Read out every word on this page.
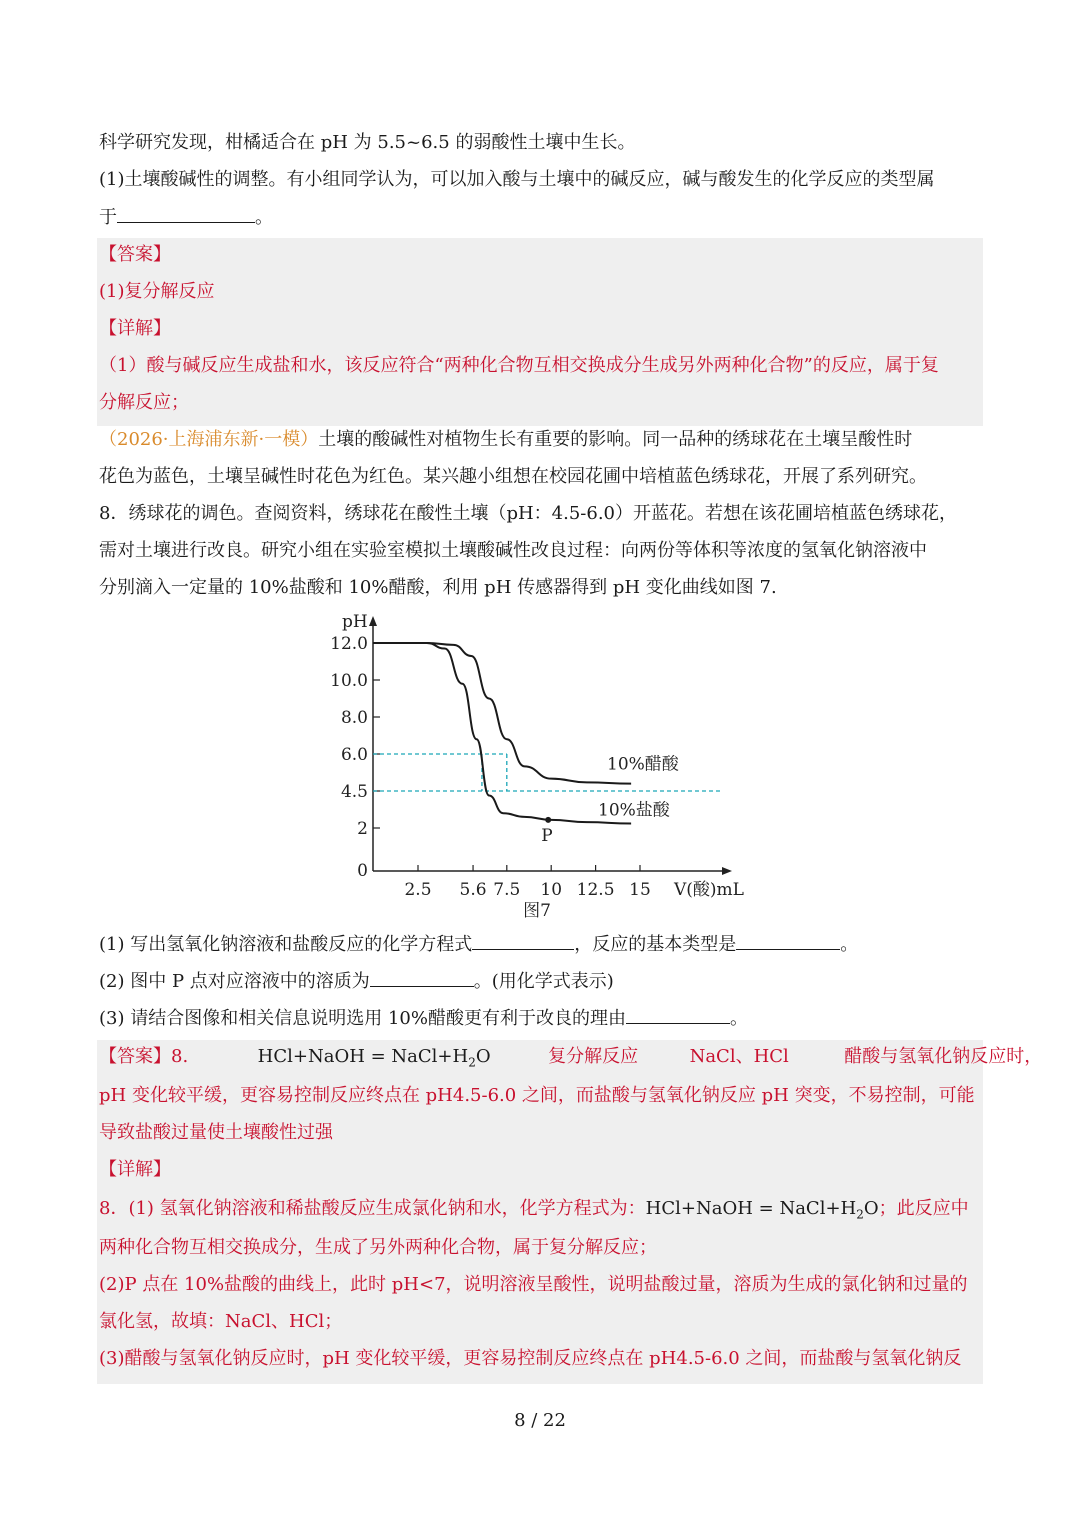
科学研究发现，柑橘适合在 pH 为 5.5~6.5 的弱酸性土壤中生长。
(1)土壤酸碱性的调整。有小组同学认为，可以加入酸与土壤中的碱反应，碱与酸发生的化学反应的类型属
于	。
【答案】
(1)复分解反应
【详解】
（1）酸与碱反应生成盐和水，该反应符合“两种化合物互相交换成分生成另外两种化合物”的反应，属于复
分解反应；
（2026·上海浦东新·一模）土壤的酸碱性对植物生长有重要的影响。同一品种的绣球花在土壤呈酸性时
花色为蓝色，土壤呈碱性时花色为红色。某兴趣小组想在校园花圃中培植蓝色绣球花，开展了系列研究。
8．绣球花的调色。查阅资料，绣球花在酸性土壤（pH：4.5-6.0）开蓝花。若想在该花圃培植蓝色绣球花，
需对土壤进行改良。研究小组在实验室模拟土壤酸碱性改良过程：向两份等体积等浓度的氢氧化钠溶液中
分别滴入一定量的 10%盐酸和 10%醋酸，利用 pH 传感器得到 pH 变化曲线如图 7.
pH
V(酸)mL
12.0
10.0
8.0
6.0
4.5
2
0
2.5 5.6 7.5 10 12.5 15
10%醋酸
10%盐酸
P
图7
(1) 写出氢氧化钠溶液和盐酸反应的化学方程式	，反应的基本类型是	。
(2) 图中 P 点对应溶液中的溶质为	。(用化学式表示)
(3) 请结合图像和相关信息说明选用 10%醋酸更有利于改良的理由	。
【答案】8.	HCl+NaOH = $NaCl+H_2O$	复分解反应	NaCl、HCl	醋酸与氢氧化钠反应时，
pH 变化较平缓，更容易控制反应终点在 pH4.5-6.0 之间，而盐酸与氢氧化钠反应 pH 突变，不易控制，可能
导致盐酸过量使土壤酸性过强
【详解】
8．(1) 氢氧化钠溶液和稀盐酸反应生成氯化钠和水，化学方程式为：HCl+NaOH = $NaCl+H_2O$；此反应中
两种化合物互相交换成分，生成了另外两种化合物，属于复分解反应；
(2)P 点在 10%盐酸的曲线上，此时 pH<7，说明溶液呈酸性，说明盐酸过量，溶质为生成的氯化钠和过量的
氯化氢，故填：NaCl、HCl；
(3)醋酸与氢氧化钠反应时，pH 变化较平缓，更容易控制反应终点在 pH4.5-6.0 之间，而盐酸与氢氧化钠反
8 / 22
